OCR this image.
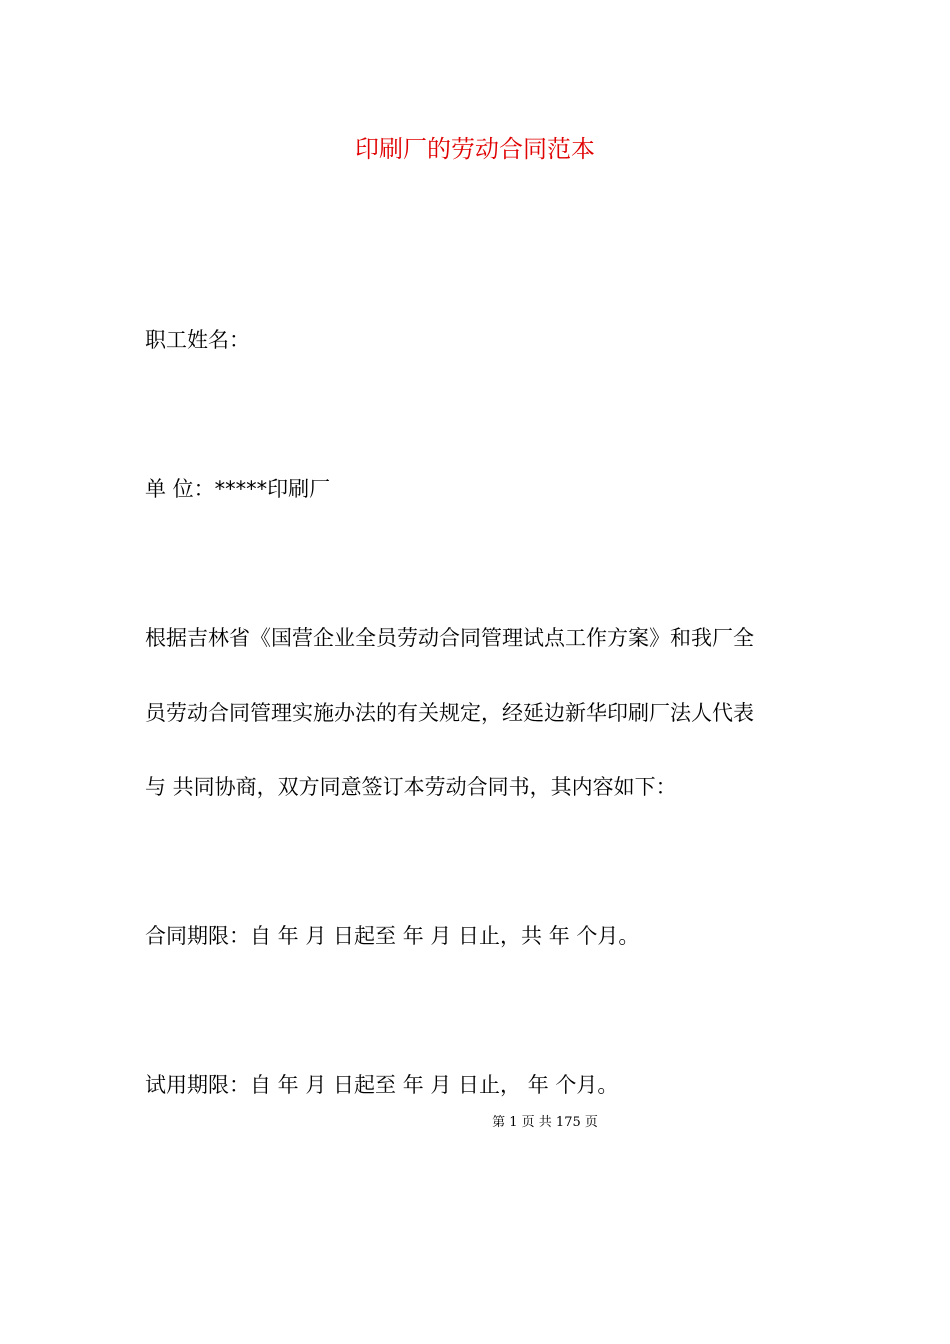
印刷厂的劳动合同范本
职工姓名：
单 位：*****印刷厂
根据吉林省《国营企业全员劳动合同管理试点工作方案》和我厂全
员劳动合同管理实施办法的有关规定，经延边新华印刷厂法人代表
与 共同协商，双方同意签订本劳动合同书，其内容如下：
合同期限：自 年 月 日起至 年 月 日止，共 年 个月。
试用期限：自 年 月 日起至 年 月 日止， 年 个月。
第 1 页 共 175 页
